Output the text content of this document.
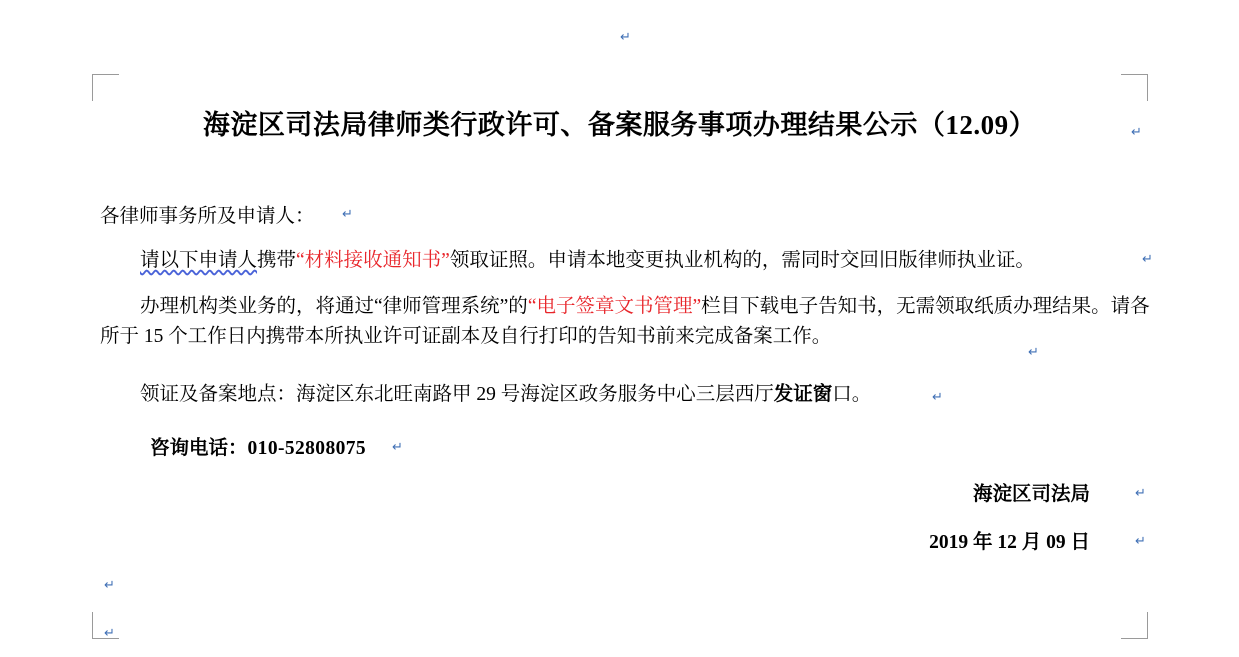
↵
↵
↵
↵
↵
↵
↵
↵
↵
↵
↵
海淀区司法局律师类行政许可、备案服务事项办理结果公示（12.09）
各律师事务所及申请人：
请以下申请人携带“材料接收通知书”领取证照。申请本地变更执业机构的，需同时交回旧版律师执业证。
办理机构类业务的，将通过“律师管理系统”的“电子签章文书管理”栏目下载电子告知书，无需领取纸质办理结果。请各所于 15 个工作日内携带本所执业许可证副本及自行打印的告知书前来完成备案工作。
领证及备案地点：海淀区东北旺南路甲 29 号海淀区政务服务中心三层西厅发证窗口。
咨询电话：010-52808075
海淀区司法局
2019 年 12 月 09 日
